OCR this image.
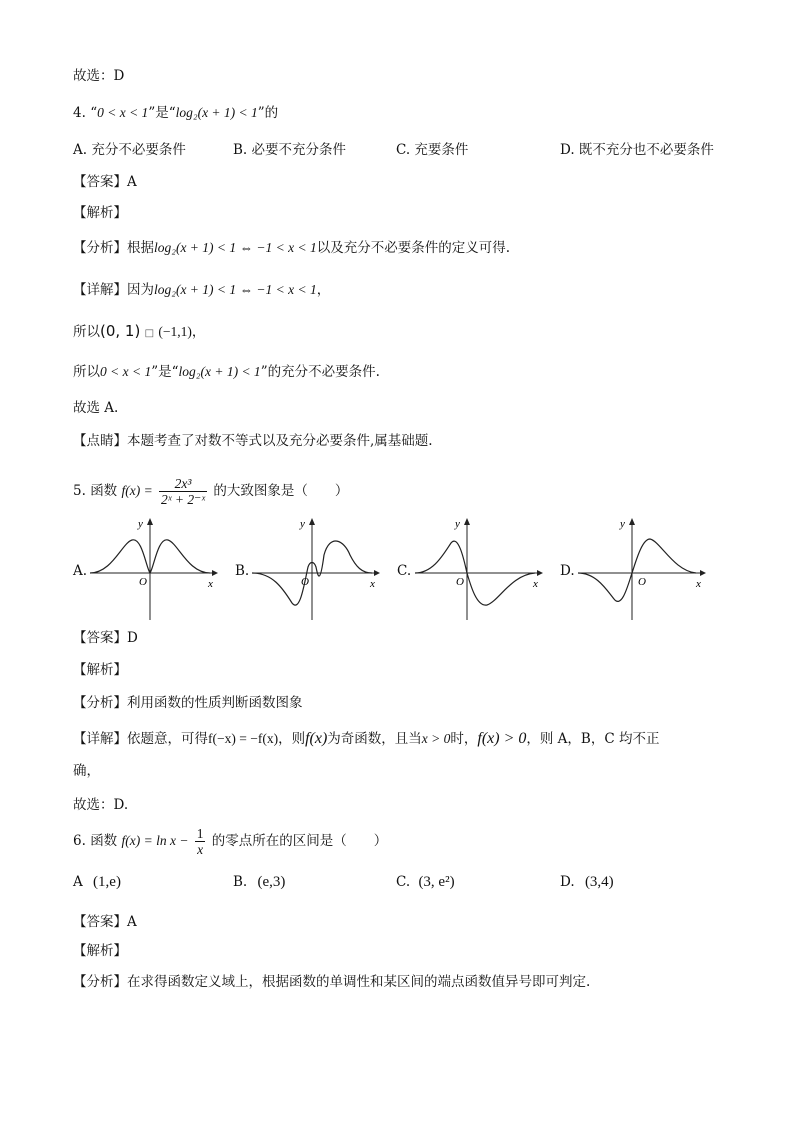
故选：D
4. “0 < x < 1”是“log₂(x + 1) < 1”的
A. 充分不必要条件	B. 必要不充分条件	C. 充要条件	D. 既不充分也不必要条件
【答案】A
【解析】
【分析】根据log₂(x + 1) < 1 ⇔ −1 < x < 1以及充分不必要条件的定义可得.
【详解】因为log₂(x + 1) < 1 ⇔ −1 < x < 1，
所以(0, 1) □ (−1,1)，
所以0 < x < 1”是“log₂(x + 1) < 1”的充分不必要条件.
故选 A.
【点睛】本题考查了对数不等式以及充分必要条件,属基础题.
5. 函数 $f(x) = \frac{\text{2x³}}{\text{2ˣ + 2⁻ˣ}}$ 的大致图象是（　　）
A.	B.	C.	D.
y
x
O
y
x
O
y
x
O
y
x
O
【答案】D
【解析】
【分析】利用函数的性质判断函数图象
【详解】依题意，可得f(−x) = −f(x)，则f(x)为奇函数，且当x > 0时，f(x) > 0，则 A，B，C 均不正
确，
故选：D.
6. 函数 $f(x) = \ln x - \frac{1}{x}$ 的零点所在的区间是（　　）
A (1,e)	B. (e,3)	C. (3, e²)	D. (3,4)
【答案】A
【解析】
【分析】在求得函数定义域上，根据函数的单调性和某区间的端点函数值异号即可判定.
